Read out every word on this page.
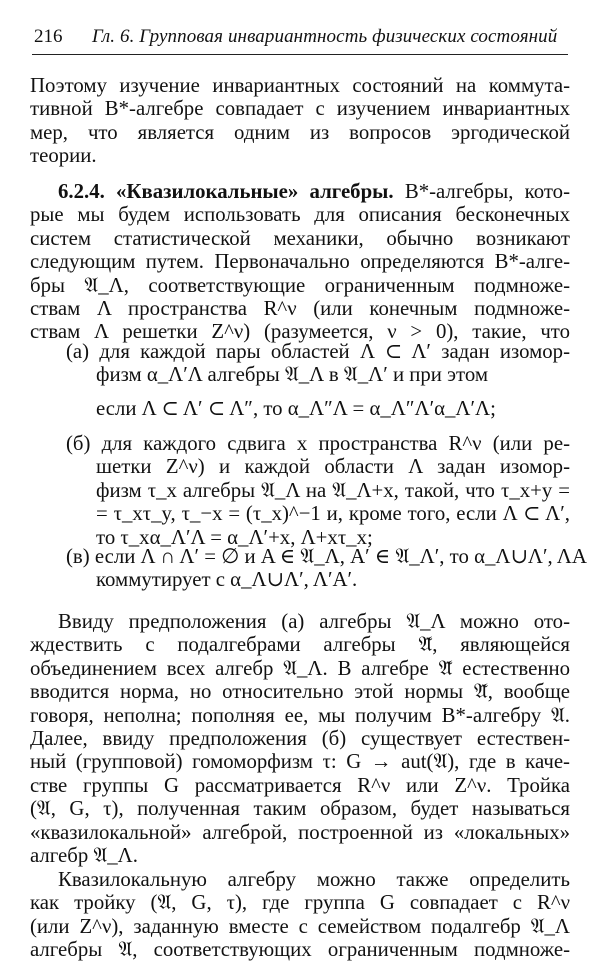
216 Гл. 6. Групповая инвариантность физических состояний
Поэтому изучение инвариантных состояний на коммута-
тивной B*-алгебре совпадает с изучением инвариантных
мер, что является одним из вопросов эргодической
теории.
6.2.4. «Квазилокальные» алгебры. B*-алгебры, кото-
рые мы будем использовать для описания бесконечных
систем статистической механики, обычно возникают
следующим путем. Первоначально определяются B*-алге-
бры 𝔄_Λ, соответствующие ограниченным подмноже-
ствам Λ пространства R^ν (или конечным подмноже-
ствам Λ решетки Z^ν) (разумеется, ν > 0), такие, что
(а) для каждой пары областей Λ ⊂ Λ′ задан изомор-
физм α_Λ′Λ алгебры 𝔄_Λ в 𝔄_Λ′ и при этом
если Λ ⊂ Λ′ ⊂ Λ″, то α_Λ″Λ = α_Λ″Λ′α_Λ′Λ;
(б) для каждого сдвига x пространства R^ν (или ре-
шетки Z^ν) и каждой области Λ задан изомор-
физм τ_x алгебры 𝔄_Λ на 𝔄_Λ+x, такой, что τ_x+y =
= τ_xτ_y, τ_−x = (τ_x)^−1 и, кроме того, если Λ ⊂ Λ′,
то τ_xα_Λ′Λ = α_Λ′+x, Λ+xτ_x;
(в) если Λ ∩ Λ′ = ∅ и A ∈ 𝔄_Λ, A′ ∈ 𝔄_Λ′, то α_Λ∪Λ′, ΛA
коммутирует с α_Λ∪Λ′, Λ′A′.
Ввиду предположения (а) алгебры 𝔄_Λ можно ото-
ждествить с подалгебрами алгебры 𝔄̃, являющейся
объединением всех алгебр 𝔄_Λ. В алгебре 𝔄̃ естественно
вводится норма, но относительно этой нормы 𝔄̃, вообще
говоря, неполна; пополняя ее, мы получим B*-алгебру 𝔄.
Далее, ввиду предположения (б) существует естествен-
ный (групповой) гомоморфизм τ: G → aut(𝔄), где в каче-
стве группы G рассматривается R^ν или Z^ν. Тройка
(𝔄, G, τ), полученная таким образом, будет называться
«квазилокальной» алгеброй, построенной из «локальных»
алгебр 𝔄_Λ.
Квазилокальную алгебру можно также определить
как тройку (𝔄, G, τ), где группа G совпадает с R^ν
(или Z^ν), заданную вместе с семейством подалгебр 𝔄_Λ
алгебры 𝔄, соответствующих ограниченным подмноже-
